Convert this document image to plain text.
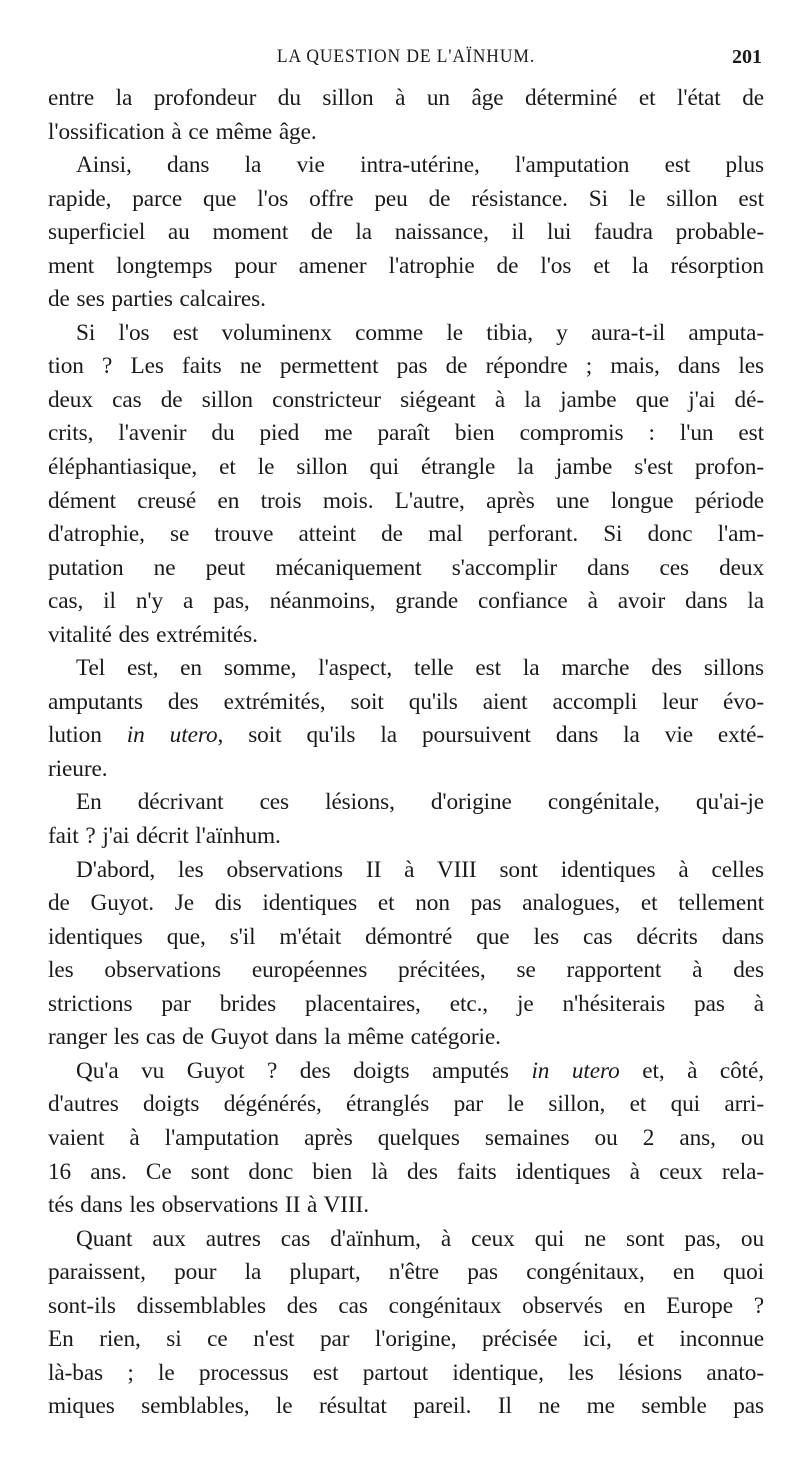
LA QUESTION DE L'AÏNHUM.	201
entre la profondeur du sillon à un âge déterminé et l'état de
l'ossification à ce même âge.
Ainsi, dans la vie intra-utérine, l'amputation est plus
rapide, parce que l'os offre peu de résistance. Si le sillon est
superficiel au moment de la naissance, il lui faudra probable-
ment longtemps pour amener l'atrophie de l'os et la résorption
de ses parties calcaires.
Si l'os est voluminenx comme le tibia, y aura-t-il amputa-
tion ? Les faits ne permettent pas de répondre ; mais, dans les
deux cas de sillon constricteur siégeant à la jambe que j'ai dé-
crits, l'avenir du pied me paraît bien compromis : l'un est
éléphantiasique, et le sillon qui étrangle la jambe s'est profon-
dément creusé en trois mois. L'autre, après une longue période
d'atrophie, se trouve atteint de mal perforant. Si donc l'am-
putation ne peut mécaniquement s'accomplir dans ces deux
cas, il n'y a pas, néanmoins, grande confiance à avoir dans la
vitalité des extrémités.
Tel est, en somme, l'aspect, telle est la marche des sillons
amputants des extrémités, soit qu'ils aient accompli leur évo-
lution in utero, soit qu'ils la poursuivent dans la vie exté-
rieure.
En décrivant ces lésions, d'origine congénitale, qu'ai-je
fait ? j'ai décrit l'aïnhum.
D'abord, les observations II à VIII sont identiques à celles
de Guyot. Je dis identiques et non pas analogues, et tellement
identiques que, s'il m'était démontré que les cas décrits dans
les observations européennes précitées, se rapportent à des
strictions par brides placentaires, etc., je n'hésiterais pas à
ranger les cas de Guyot dans la même catégorie.
Qu'a vu Guyot ? des doigts amputés in utero et, à côté,
d'autres doigts dégénérés, étranglés par le sillon, et qui arri-
vaient à l'amputation après quelques semaines ou 2 ans, ou
16 ans. Ce sont donc bien là des faits identiques à ceux rela-
tés dans les observations II à VIII.
Quant aux autres cas d'aïnhum, à ceux qui ne sont pas, ou
paraissent, pour la plupart, n'être pas congénitaux, en quoi
sont-ils dissemblables des cas congénitaux observés en Europe ?
En rien, si ce n'est par l'origine, précisée ici, et inconnue
là-bas ; le processus est partout identique, les lésions anato-
miques semblables, le résultat pareil. Il ne me semble pas
